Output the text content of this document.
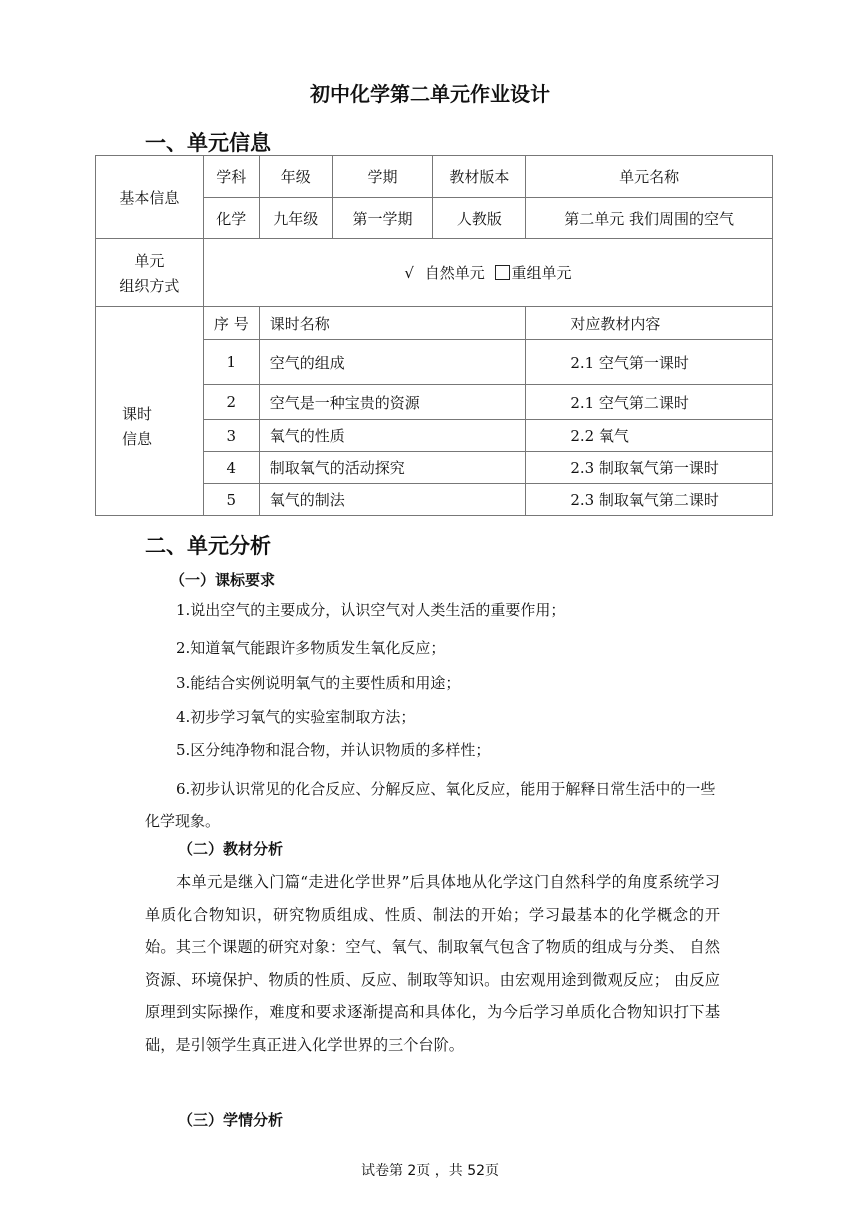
初中化学第二单元作业设计
一、单元信息
基本信息	学科	年级	学期	教材版本	单元名称
	化学	九年级	第一学期	人教版	第二单元 我们周围的空气

单元
组织方式	√ 自然单元 重组单元				

课时
信息	序 号	课时名称			对应教材内容
	1	空气的组成			2.1 空气第一课时
	2	空气是一种宝贵的资源			2.1 空气第二课时
	3	氧气的性质			2.2 氧气
	4	制取氧气的活动探究			2.3 制取氧气第一课时
	5	氧气的制法			2.3 制取氧气第二课时
二、单元分析
（一）课标要求
1.说出空气的主要成分，认识空气对人类生活的重要作用；
2.知道氧气能跟许多物质发生氧化反应；
3.能结合实例说明氧气的主要性质和用途；
4.初步学习氧气的实验室制取方法；
5.区分纯净物和混合物，并认识物质的多样性；
6.初步认识常见的化合反应、分解反应、氧化反应，能用于解释日常生活中的一些化学现象。
（二）教材分析
本单元是继入门篇“走进化学世界”后具体地从化学这门自然科学的角度系统学习单质化合物知识，研究物质组成、性质、制法的开始；学习最基本的化学概念的开始。其三个课题的研究对象：空气、氧气、制取氧气包含了物质的组成与分类、 自然资源、环境保护、物质的性质、反应、制取等知识。由宏观用途到微观反应； 由反应原理到实际操作，难度和要求逐渐提高和具体化，为今后学习单质化合物知识打下基础，是引领学生真正进入化学世界的三个台阶。
（三）学情分析
试卷第 2页 ，共 52页
